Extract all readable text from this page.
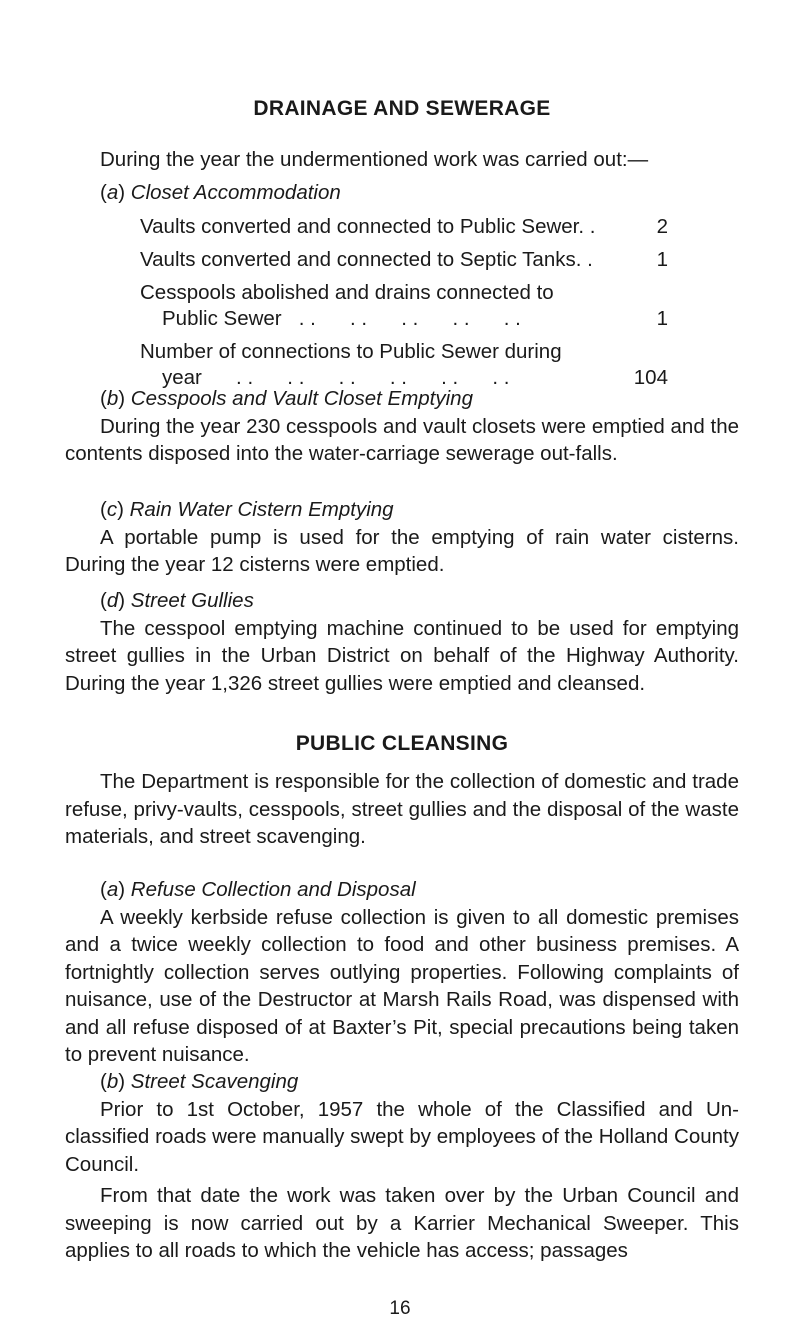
DRAINAGE AND SEWERAGE

During the year the undermentioned work was carried out:—

(a) Closet Accommodation
Vaults converted and connected to Public Sewer. .	2
Vaults converted and connected to Septic Tanks. .	1
Cesspools abolished and drains connected to
Public Sewer   . .      . .      . .      . .      . .	1
Number of connections to Public Sewer during
year      . .      . .      . .      . .      . .      . .	104
(b) Cesspools and Vault Closet Emptying

During the year 230 cesspools and vault closets were emptied and the contents disposed into the water-carriage sewerage out-falls.

(c) Rain Water Cistern Emptying

A portable pump is used for the emptying of rain water cisterns. During the year 12 cisterns were emptied.

(d) Street Gullies

The cesspool emptying machine continued to be used for emptying street gullies in the Urban District on behalf of the Highway Authority. During the year 1,326 street gullies were emptied and cleansed.

PUBLIC CLEANSING

The Department is responsible for the collection of domestic and trade refuse, privy-vaults, cesspools, street gullies and the disposal of the waste materials, and street scavenging.

(a) Refuse Collection and Disposal

A weekly kerbside refuse collection is given to all domestic premises and a twice weekly collection to food and other business premises. A fortnightly collection serves outlying properties. Following complaints of nuisance, use of the Destructor at Marsh Rails Road, was dispensed with and all refuse disposed of at Baxter’s Pit, special precautions being taken to prevent nuisance.

(b) Street Scavenging

Prior to 1st October, 1957 the whole of the Classified and Un-classified roads were manually swept by employees of the Holland County Council.

From that date the work was taken over by the Urban Council and sweeping is now carried out by a Karrier Mechanical Sweeper. This applies to all roads to which the vehicle has access; passages

16
